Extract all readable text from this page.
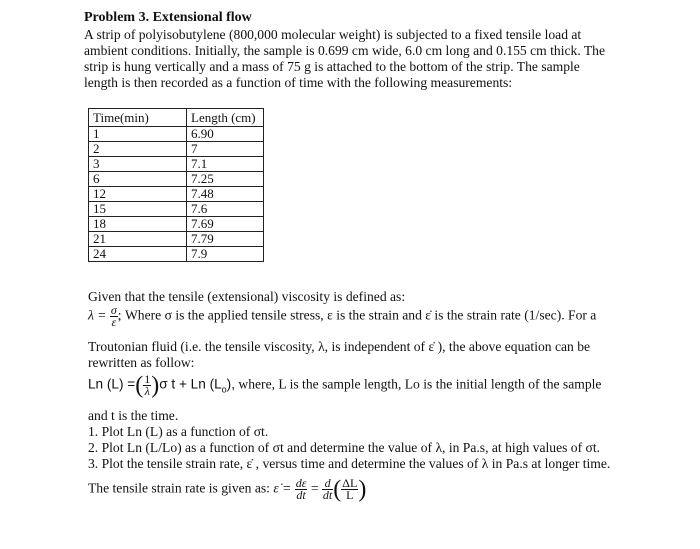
Problem 3. Extensional flow
A strip of polyisobutylene (800,000 molecular weight) is subjected to a fixed tensile load at
ambient conditions. Initially, the sample is 0.699 cm wide, 6.0 cm long and 0.155 cm thick. The
strip is hung vertically and a mass of 75 g is attached to the bottom of the strip. The sample
length is then recorded as a function of time with the following measurements:
Time(min)	Length (cm)
1	6.90
2	7
3	7.1
6	7.25
12	7.48
15	7.6
18	7.69
21	7.79
24	7.9
Given that the tensile (extensional) viscosity is defined as:
$\lambda = \frac{\sigma}{\varepsiloṅ}$ ; Where σ is the applied tensile stress, ε is the strain and ε̇ is the strain rate (1/sec). For a
Troutonian fluid (i.e. the tensile viscosity, λ, is independent of ε̇ ), the above equation can be
rewritten as follow:
Ln (L) =( $\frac{1}{\lambda} )\sigma$ t + Ln $(L_o)$, where, L is the sample length, Lo is the initial length of the sample
and t is the time.
1. Plot Ln (L) as a function of σt.
2. Plot Ln (L/Lo) as a function of σt and determine the value of λ, in Pa.s, at high values of σt.
3. Plot the tensile strain rate, ε̇ , versus time and determine the values of λ in Pa.s at longer time.
The tensile strain rate is given as: ε̇ = $\frac{d\varepsilon}{dt} = \frac{d}{dt}$ ( $\frac{\Delta L}{L}$ )
